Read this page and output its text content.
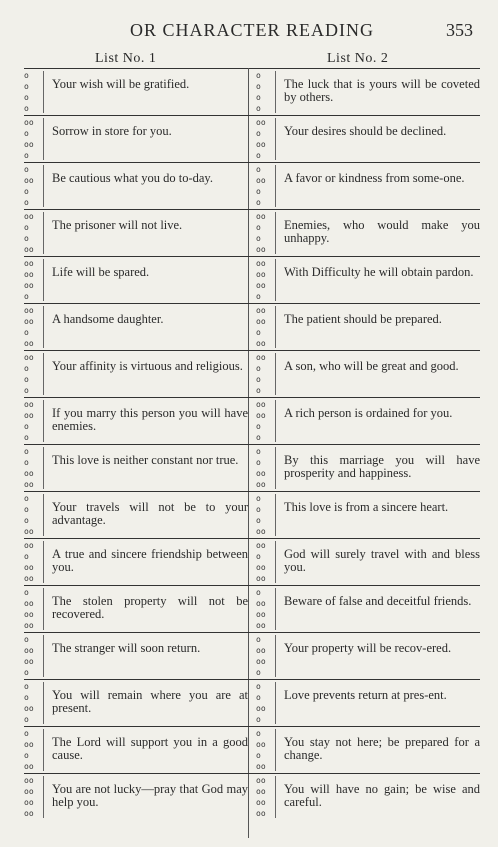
OR CHARACTER READING	353
List No. 1	List No. 2
o
o
o
o
Your wish will be gratified.
o
o
o
o
The luck that is yours will be coveted by others.
oo
o
oo
o
Sorrow in store for you.
oo
o
oo
o
Your desires should be declined.
o
oo
o
o
Be cautious what you do to-day.
o
oo
o
o
A favor or kindness from some-one.
oo
o
o
oo
The prisoner will not live.
oo
o
o
oo
Enemies, who would make you unhappy.
oo
oo
oo
o
Life will be spared.
oo
oo
oo
o
With Difficulty he will obtain pardon.
oo
oo
o
oo
A handsome daughter.
oo
oo
o
oo
The patient should be prepared.
oo
o
o
o
Your affinity is virtuous and religious.
oo
o
o
o
A son, who will be great and good.
oo
oo
o
o
If you marry this person you will have enemies.
oo
oo
o
o
A rich person is ordained for you.
o
o
oo
oo
This love is neither constant nor true.
o
o
oo
oo
By this marriage you will have prosperity and happiness.
o
o
o
oo
Your travels will not be to your advantage.
o
o
o
oo
This love is from a sincere heart.
oo
o
oo
oo
A true and sincere friendship between you.
oo
o
oo
oo
God will surely travel with and bless you.
o
oo
oo
oo
The stolen property will not be recovered.
o
oo
oo
oo
Beware of false and deceitful friends.
o
oo
oo
o
The stranger will soon return.
o
oo
oo
o
Your property will be recov-ered.
o
o
oo
o
You will remain where you are at present.
o
o
oo
o
Love prevents return at pres-ent.
o
oo
o
oo
The Lord will support you in a good cause.
o
oo
o
oo
You stay not here; be prepared for a change.
oo
oo
oo
oo
You are not lucky—pray that God may help you.
oo
oo
oo
oo
You will have no gain; be wise and careful.
